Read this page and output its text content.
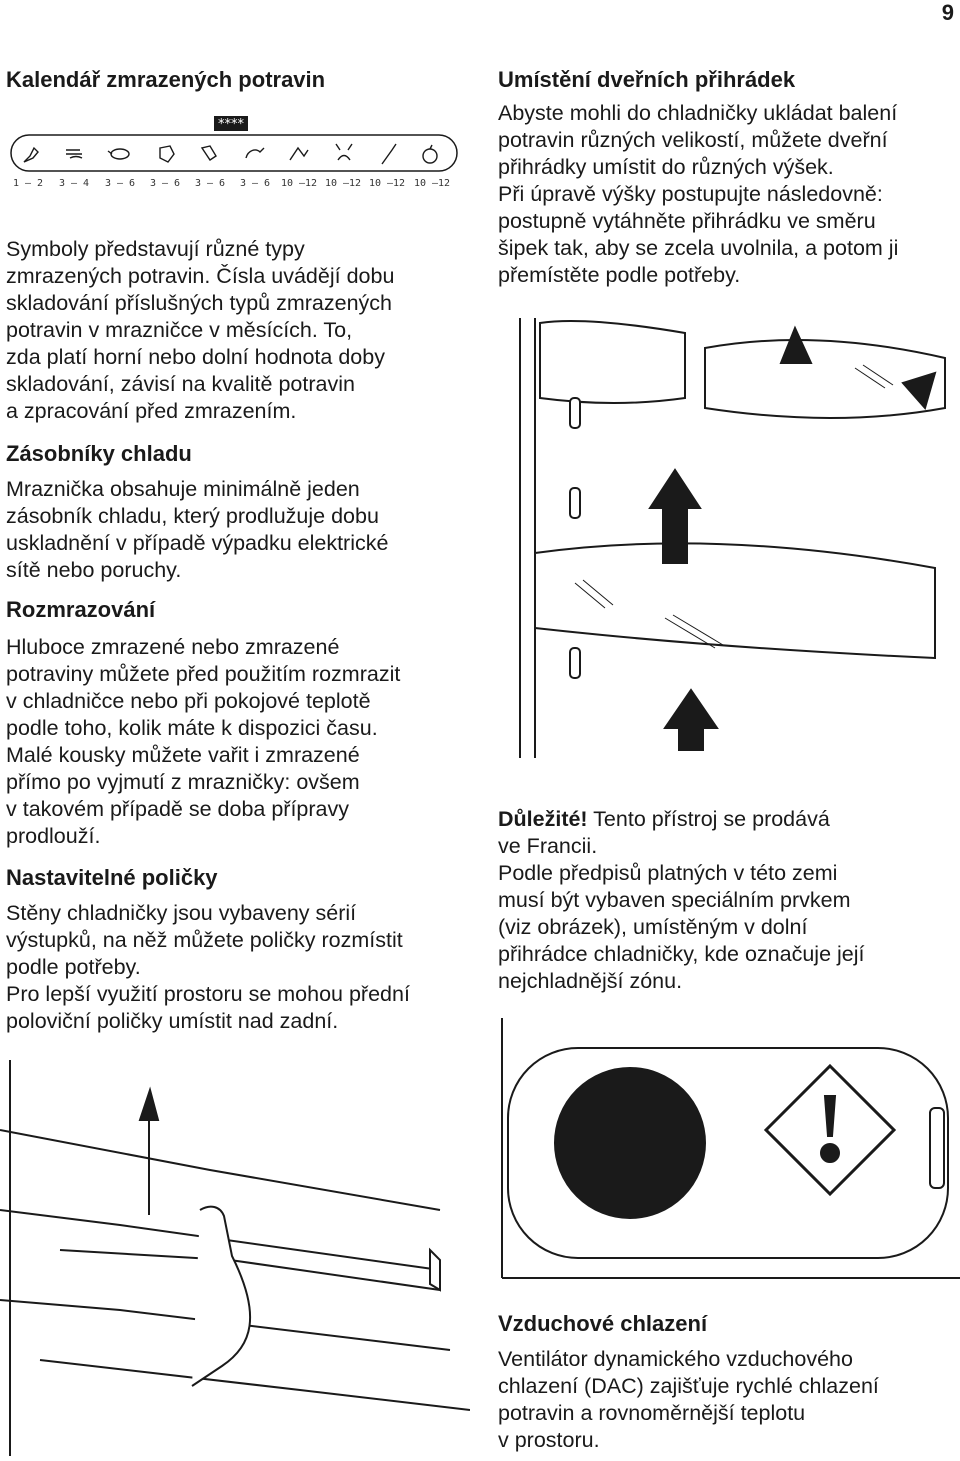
9
Kalendář zmrazených potravin
****
1 – 2 3 – 4 3 – 6 3 – 6 3 – 6 3 – 6 10 –12 10 –12 10 –12 10 –12

Symboly představují různé typy

zmrazených potravin. Čísla uvádějí dobu

skladování příslušných typů zmrazených

potravin v mrazničce v měsících. To,

zda platí horní nebo dolní hodnota doby

skladování, závisí na kvalitě potravin

a zpracování před zmrazením.

Zásobníky chladu

Mraznička obsahuje minimálně jeden

zásobník chladu, který prodlužuje dobu

uskladnění v případě výpadku elektrické

sítě nebo poruchy.

Rozmrazování

Hluboce zmrazené nebo zmrazené

potraviny můžete před použitím rozmrazit

v chladničce nebo při pokojové teplotě

podle toho, kolik máte k dispozici času.

Malé kousky můžete vařit i zmrazené

přímo po vyjmutí z mrazničky: ovšem

v takovém případě se doba přípravy

prodlouží.

Nastavitelné poličky

Stěny chladničky jsou vybaveny sérií

výstupků, na něž můžete poličky rozmístit

podle potřeby.

Pro lepší využití prostoru se mohou přední

poloviční poličky umístit nad zadní.

Umístění dveřních přihrádek

Abyste mohli do chladničky ukládat balení

potravin různých velikostí, můžete dveřní

přihrádky umístit do různých výšek.

Při úpravě výšky postupujte následovně:

postupně vytáhněte přihrádku ve směru

šipek tak, aby se zcela uvolnila, a potom ji

přemístěte podle potřeby.

Důležité! Tento přístroj se prodává

ve Francii.

Podle předpisů platných v této zemi

musí být vybaven speciálním prvkem

(viz obrázek), umístěným v dolní

přihrádce chladničky, kde označuje její

nejchladnější zónu.

Vzduchové chlazení

Ventilátor dynamického vzduchového

chlazení (DAC) zajišťuje rychlé chlazení

potravin a rovnoměrnější teplotu

v prostoru.
